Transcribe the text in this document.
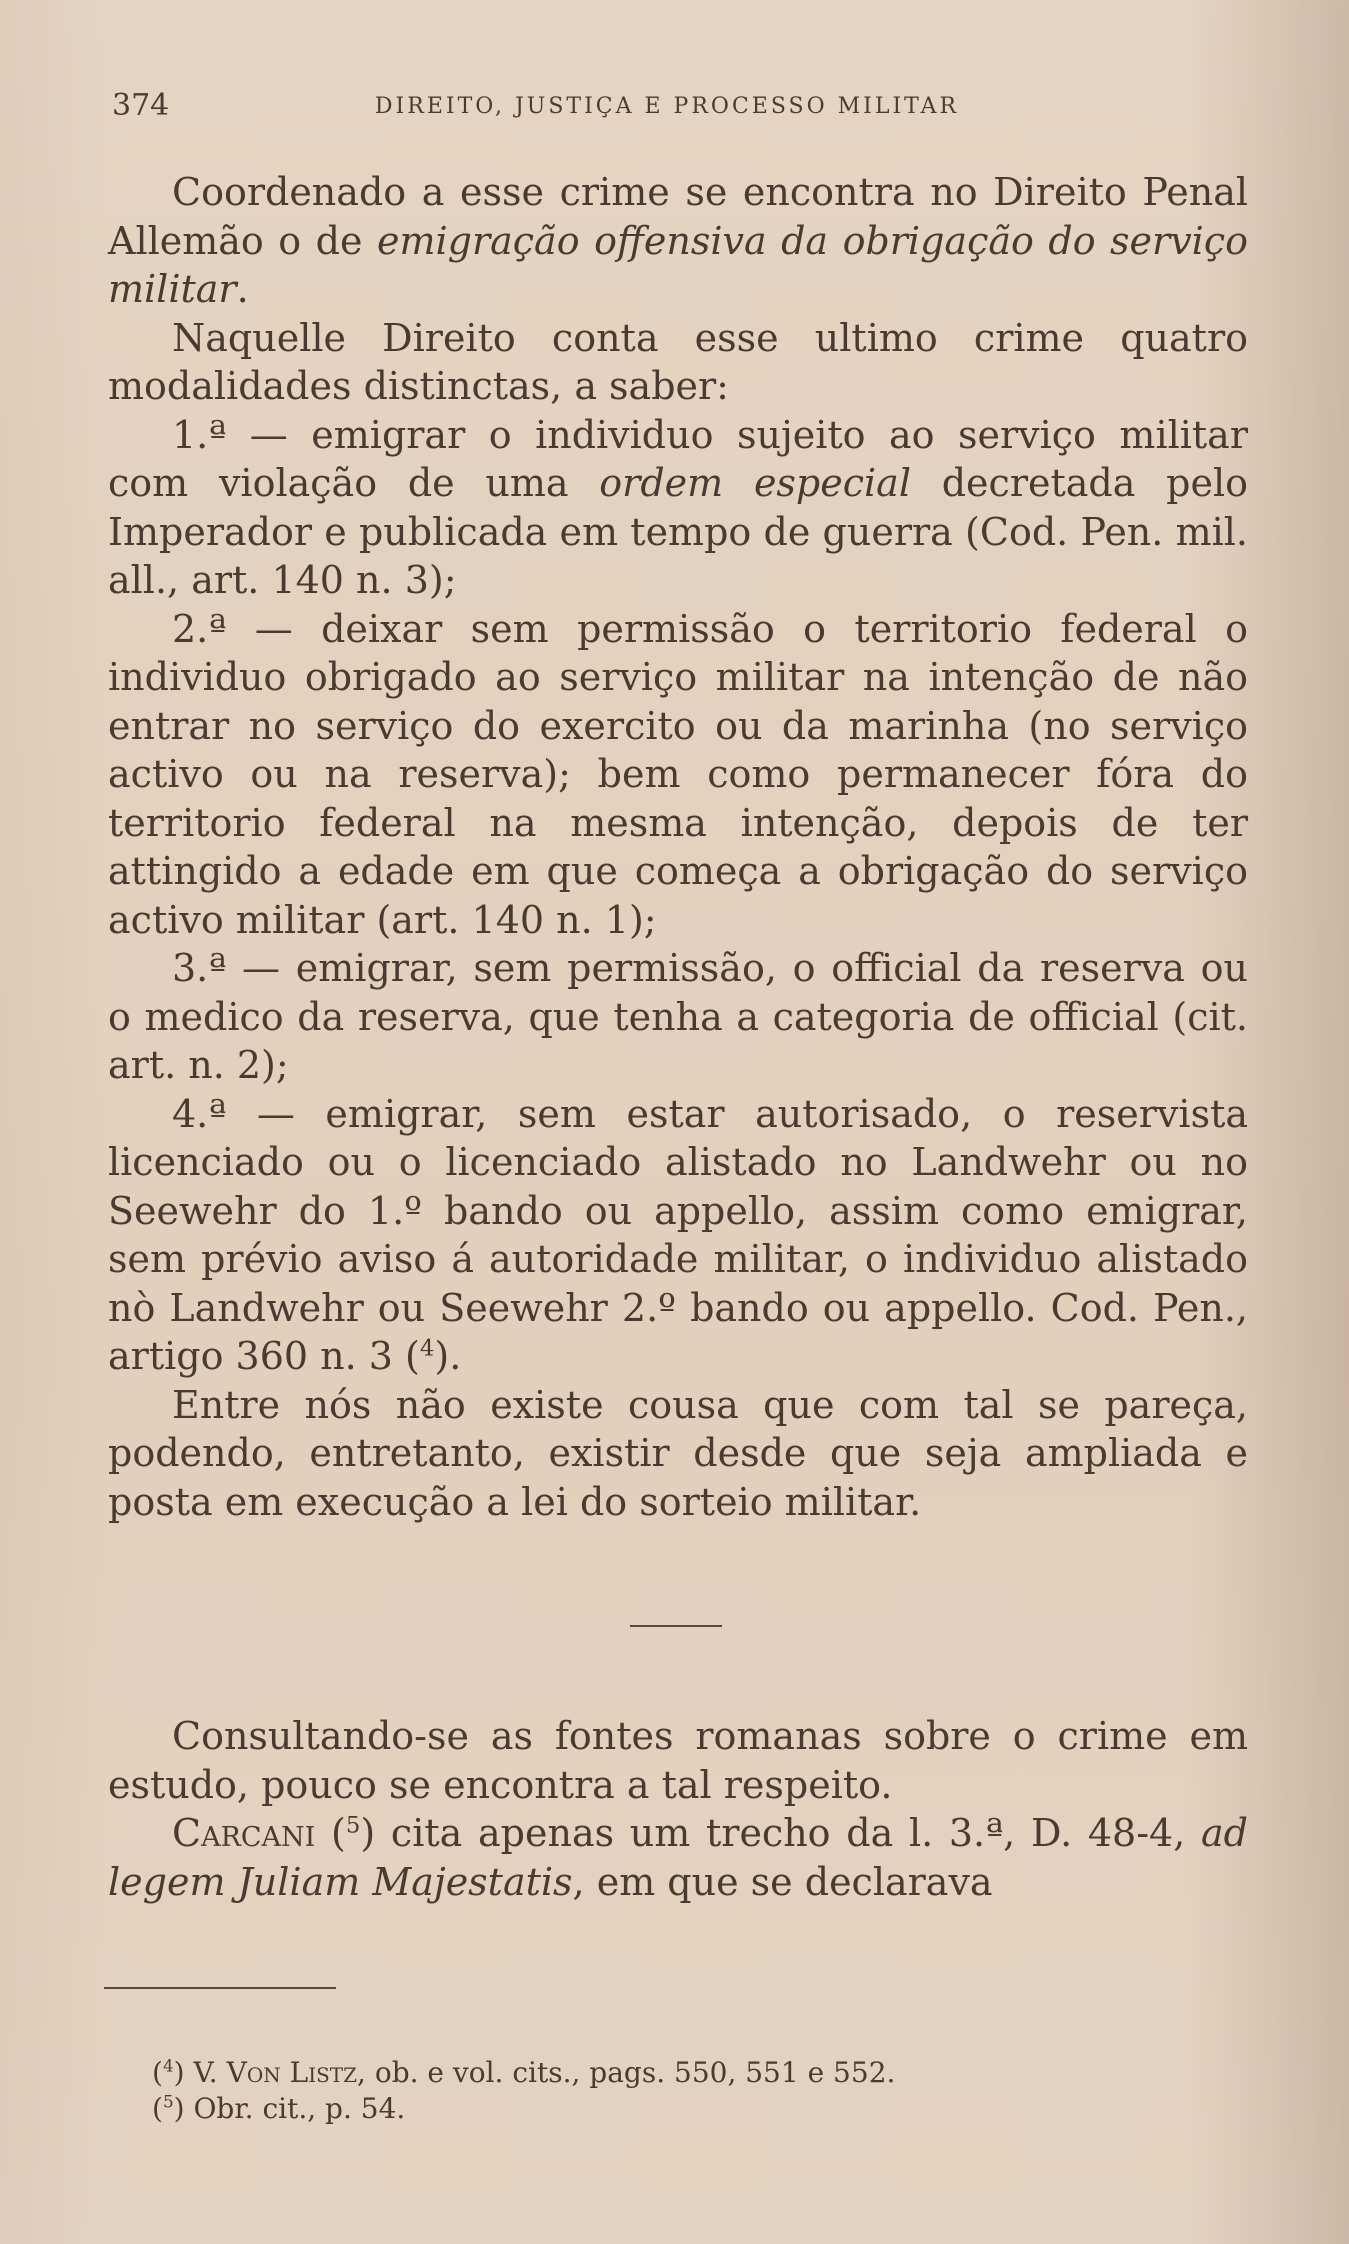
374	DIREITO, JUSTIÇA E PROCESSO MILITAR

Coordenado a esse crime se encontra no Direito Penal Allemão o de emigração offensiva da obrigação do serviço militar.

Naquelle Direito conta esse ultimo crime quatro modalidades distinctas, a saber:

1.ª — emigrar o individuo sujeito ao serviço militar com violação de uma ordem especial decretada pelo Imperador e publicada em tempo de guerra (Cod. Pen. mil. all., art. 140 n. 3);

2.ª — deixar sem permissão o territorio federal o individuo obrigado ao serviço militar na intenção de não entrar no serviço do exercito ou da marinha (no serviço activo ou na reserva); bem como permanecer fóra do territorio federal na mesma intenção, depois de ter attingido a edade em que começa a obrigação do serviço activo militar (art. 140 n. 1);

3.ª — emigrar, sem permissão, o official da reserva ou o medico da reserva, que tenha a categoria de official (cit. art. n. 2);

4.ª — emigrar, sem estar autorisado, o reservista licenciado ou o licenciado alistado no Landwehr ou no Seewehr do 1.º bando ou appello, assim como emigrar, sem prévio aviso á autoridade militar, o individuo alistado nò Landwehr ou Seewehr 2.º bando ou appello. Cod. Pen., artigo 360 n. 3 ($^4$).

Entre nós não existe cousa que com tal se pareça, podendo, entretanto, existir desde que seja ampliada e posta em execução a lei do sorteio militar.

Consultando-se as fontes romanas sobre o crime em estudo, pouco se encontra a tal respeito.

Carcani ($^5$) cita apenas um trecho da l. 3.ª, D. 48-4, ad legem Juliam Majestatis, em que se declarava

($^4$) V. Von Listz, ob. e vol. cits., pags. 550, 551 e 552.
($^5$) Obr. cit., p. 54.
